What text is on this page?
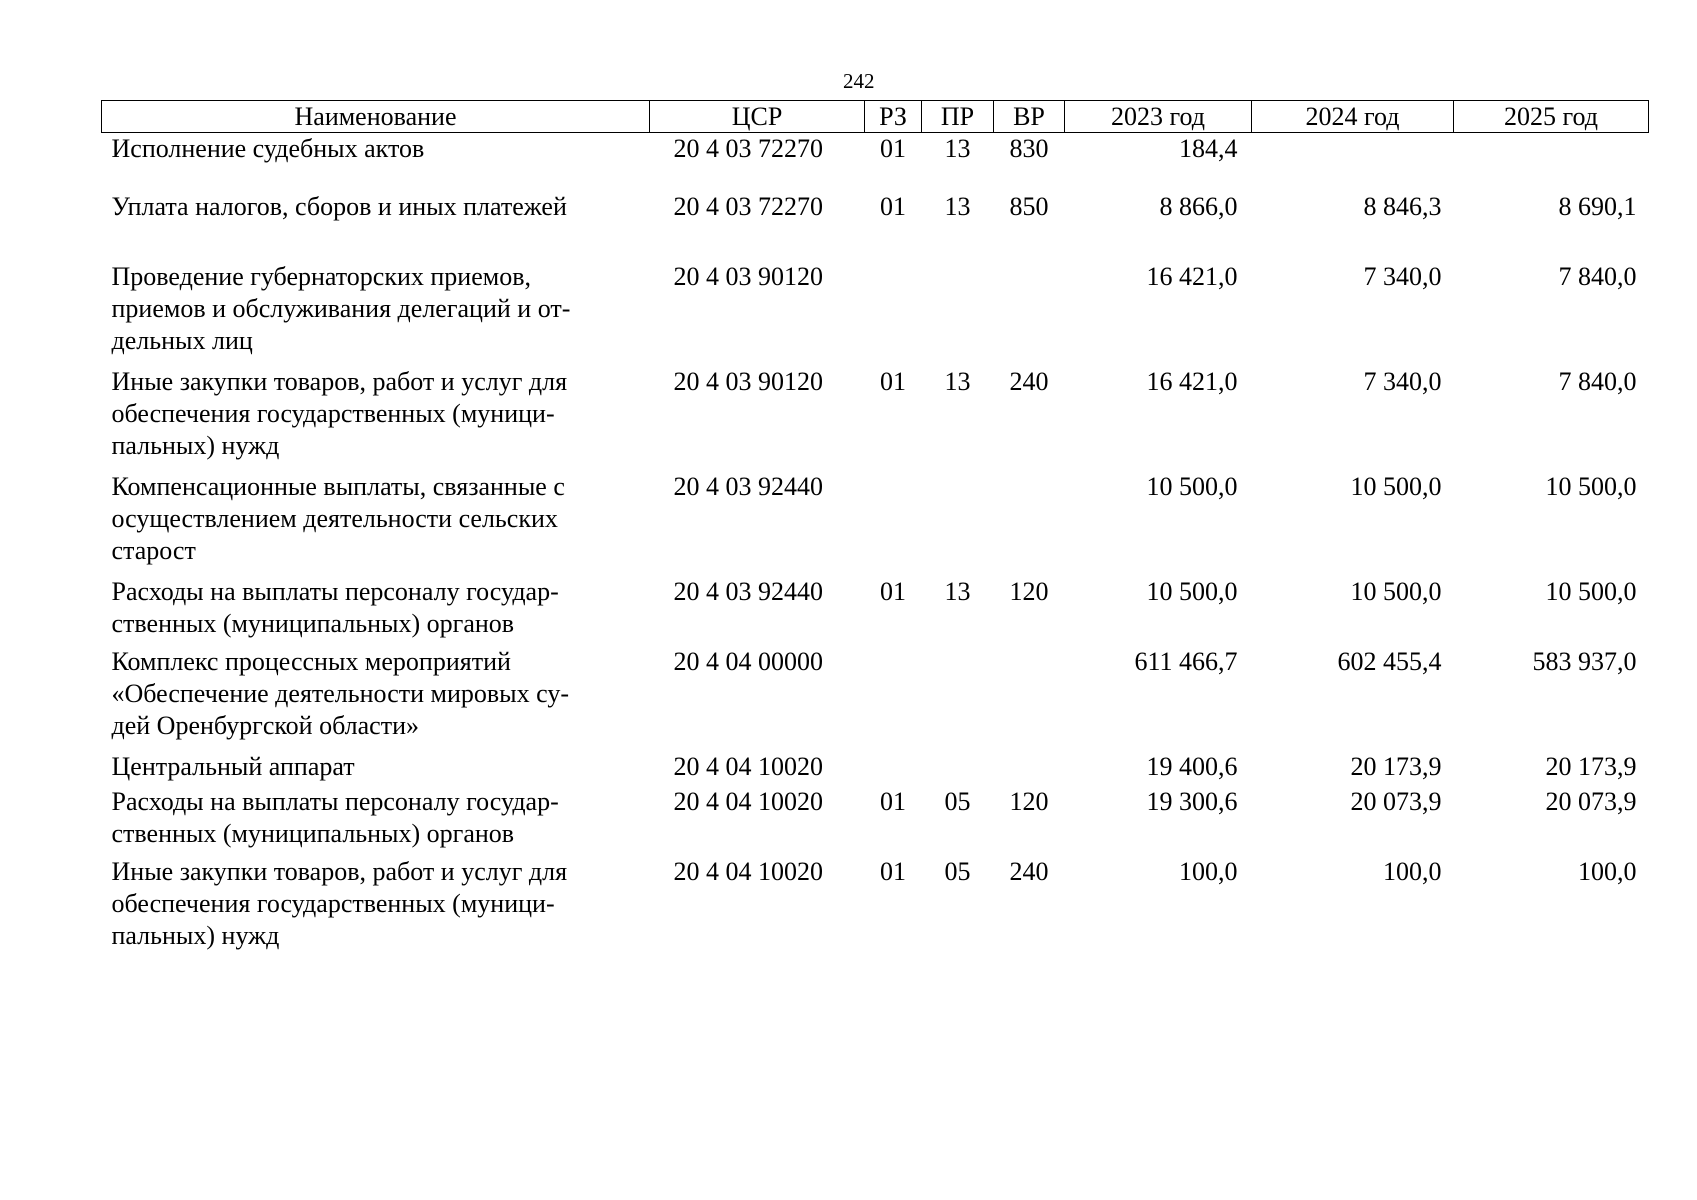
242
Наименование	ЦСР	РЗ	ПР	ВР	2023 год	2024 год	2025 год

Исполнение судебных актов	20 4 03 72270	01	13	830	184,4		

Уплата налогов, сборов и иных платежей	20 4 03 72270	01	13	850	8 866,0	8 846,3	8 690,1

Проведение губернаторских приемов,
приемов и обслуживания делегаций и от-
дельных лиц	20 4 03 90120				16 421,0	7 340,0	7 840,0

Иные закупки товаров, работ и услуг для
обеспечения государственных (муници-
пальных) нужд	20 4 03 90120	01	13	240	16 421,0	7 340,0	7 840,0

Компенсационные выплаты, связанные с
осуществлением деятельности сельских
старост	20 4 03 92440				10 500,0	10 500,0	10 500,0

Расходы на выплаты персоналу государ-
ственных (муниципальных) органов	20 4 03 92440	01	13	120	10 500,0	10 500,0	10 500,0

Комплекс процессных мероприятий
«Обеспечение деятельности мировых су-
дей Оренбургской области»	20 4 04 00000				611 466,7	602 455,4	583 937,0

Центральный аппарат	20 4 04 10020				19 400,6	20 173,9	20 173,9

Расходы на выплаты персоналу государ-
ственных (муниципальных) органов	20 4 04 10020	01	05	120	19 300,6	20 073,9	20 073,9

Иные закупки товаров, работ и услуг для
обеспечения государственных (муници-
пальных) нужд	20 4 04 10020	01	05	240	100,0	100,0	100,0
